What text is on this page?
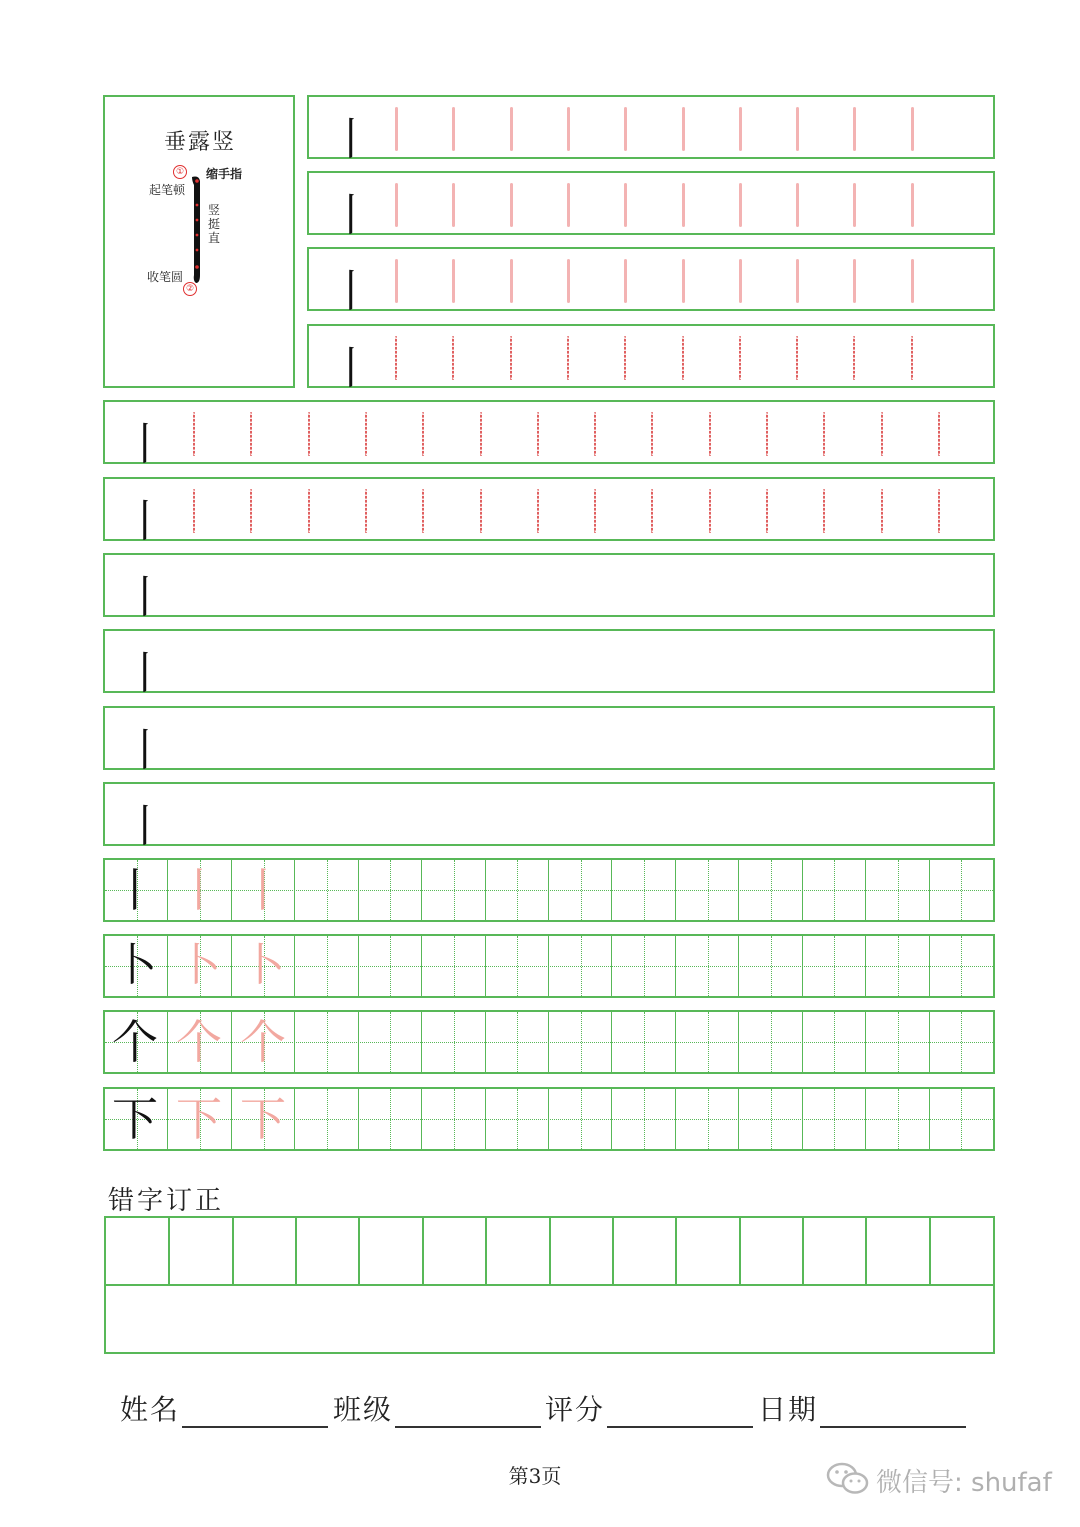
垂露竖
起笔顿
缩手指
竖挺直
收笔圆
①
②
丨
丨
丨
丨
丨
丨
丨
丨
丨
丨
丨 丨 丨
卜 卜 卜
个 个 个
下 下 下
错字订正
姓名	班级	评分	日期
第3页	微信号: shufaf
